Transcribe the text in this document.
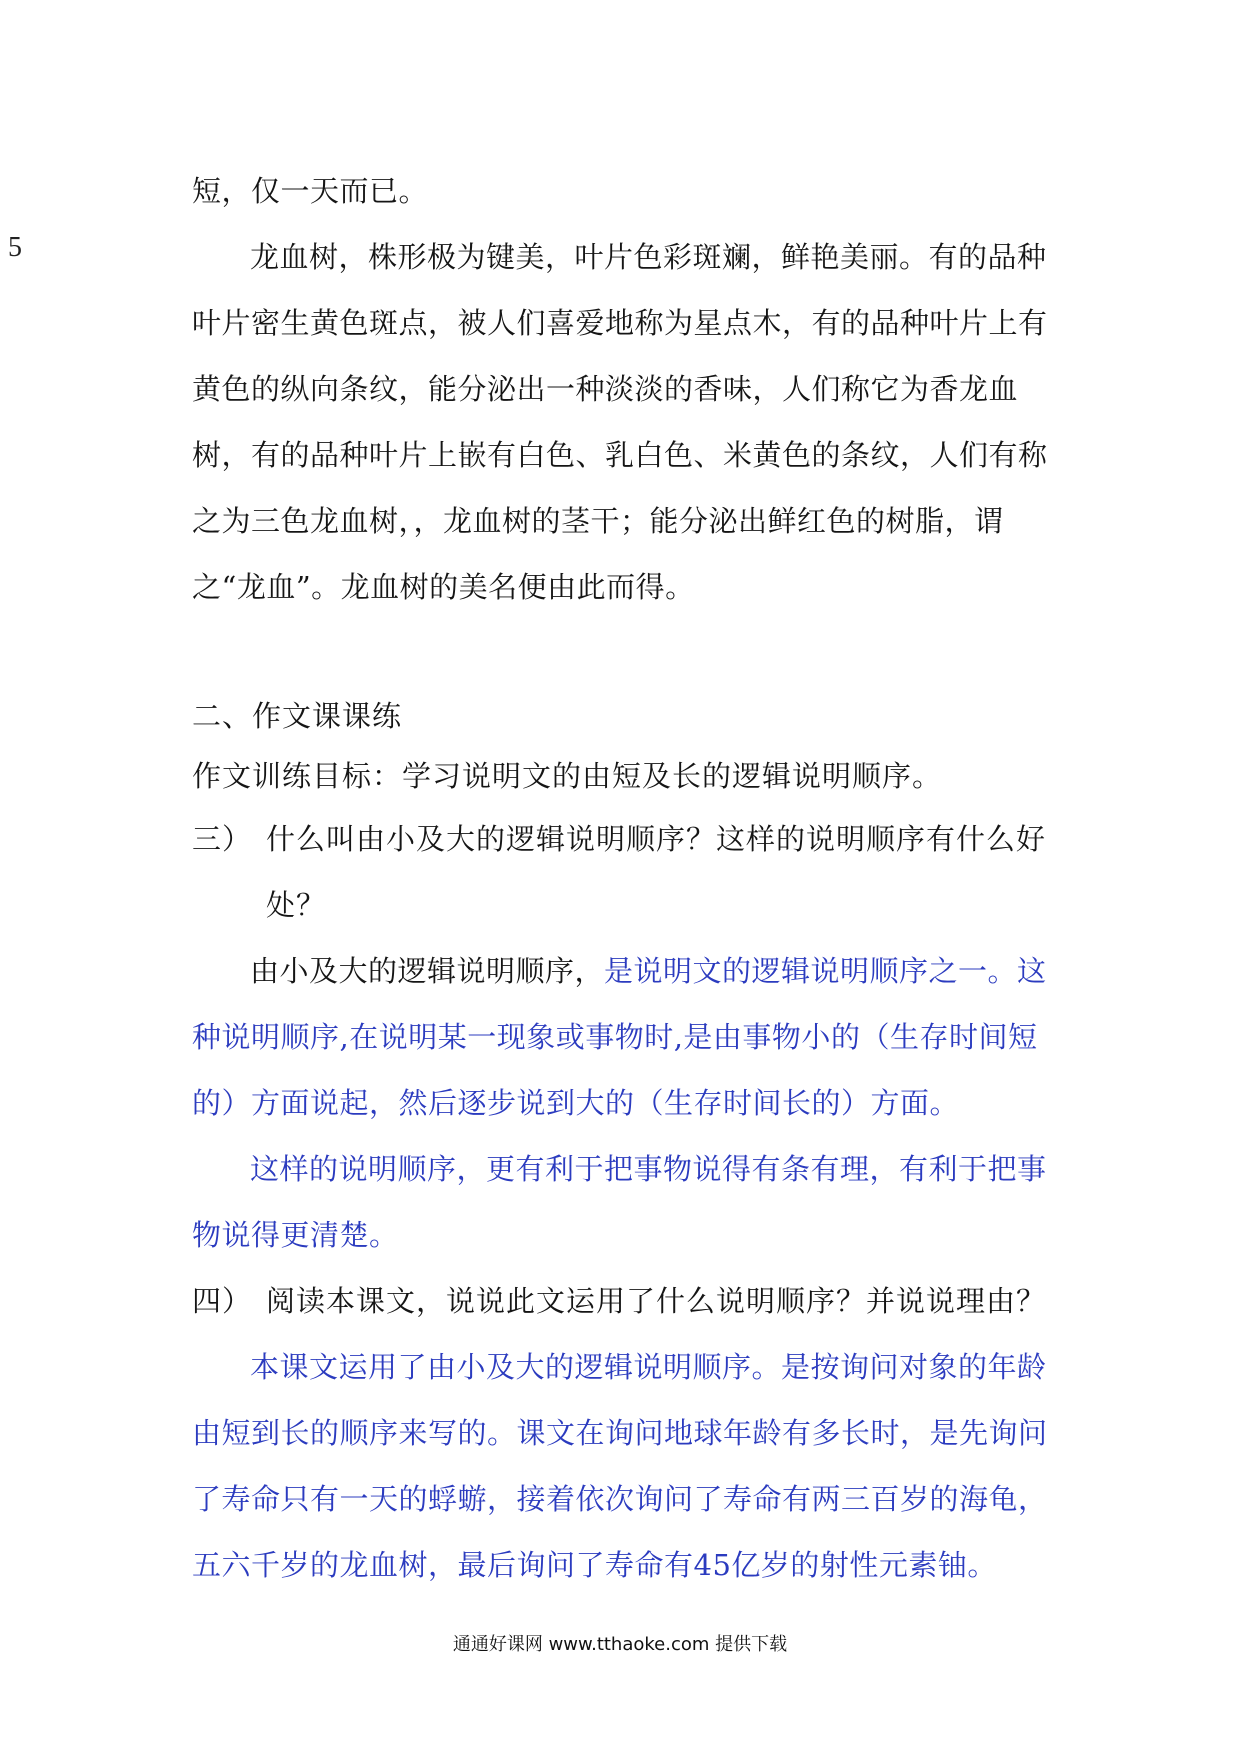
5

短，仅一天而已。

龙血树，株形极为键美，叶片色彩斑斓，鲜艳美丽。有的品种叶片密生黄色斑点，被人们喜爱地称为星点木，有的品种叶片上有黄色的纵向条纹，能分泌出一种淡淡的香味，人们称它为香龙血树，有的品种叶片上嵌有白色、乳白色、米黄色的条纹，人们有称之为三色龙血树，，龙血树的茎干；能分泌出鲜红色的树脂，谓之“龙血”。龙血树的美名便由此而得。

二、作文课课练

作文训练目标：学习说明文的由短及长的逻辑说明顺序。

三） 什么叫由小及大的逻辑说明顺序？这样的说明顺序有什么好

处？

由小及大的逻辑说明顺序，是说明文的逻辑说明顺序之一。这种说明顺序,在说明某一现象或事物时,是由事物小的（生存时间短的）方面说起，然后逐步说到大的（生存时间长的）方面。

这样的说明顺序，更有利于把事物说得有条有理，有利于把事物说得更清楚。

四） 阅读本课文，说说此文运用了什么说明顺序？并说说理由？

本课文运用了由小及大的逻辑说明顺序。是按询问对象的年龄由短到长的顺序来写的。课文在询问地球年龄有多长时，是先询问了寿命只有一天的蜉蝣，接着依次询问了寿命有两三百岁的海龟，五六千岁的龙血树，最后询问了寿命有45亿岁的射性元素铀。

通通好课网 www.tthaoke.com 提供下载
